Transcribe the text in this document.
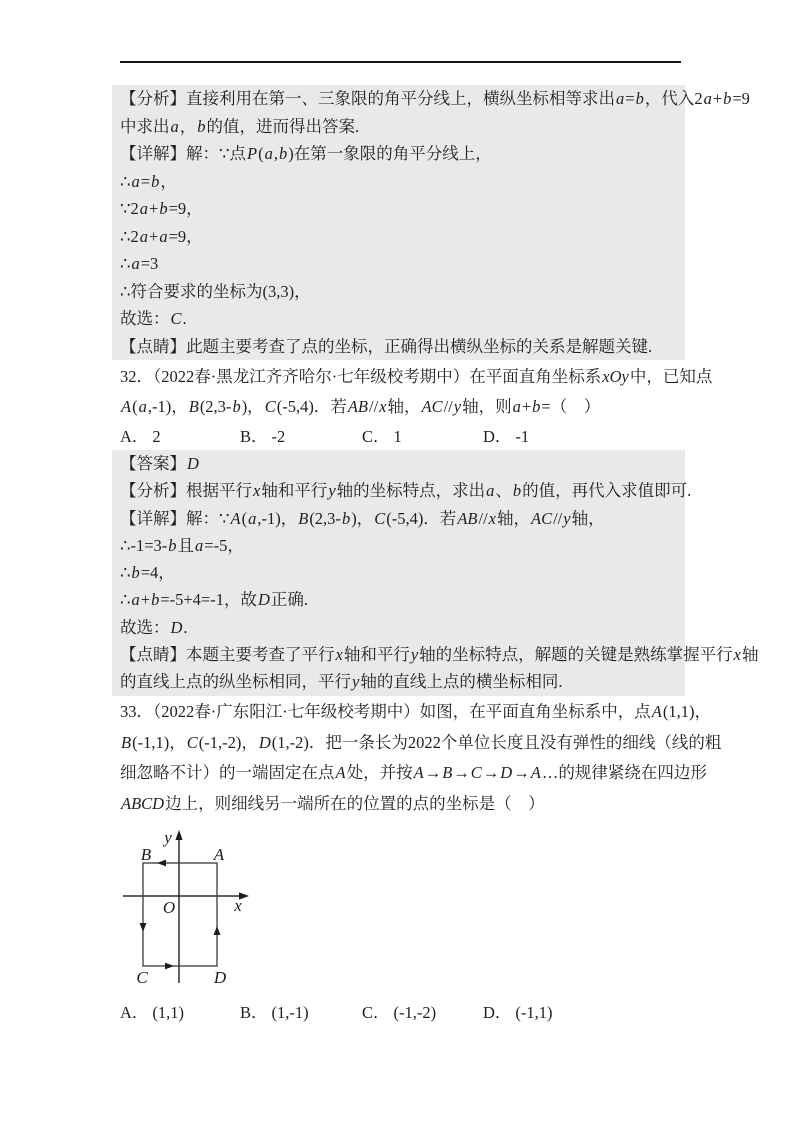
【分析】直接利用在第一、三象限的角平分线上，横纵坐标相等求出a=b，代入2a+b=9
中求出a，b的值，进而得出答案.
【详解】解：∵点P(a,b)在第一象限的角平分线上，
∴a=b，
∵2a+b=9，
∴2a+a=9，
∴a=3
∴符合要求的坐标为(3,3)，
故选：C.
【点睛】此题主要考查了点的坐标，正确得出横纵坐标的关系是解题关键.
32．（2022春·黑龙江齐齐哈尔·七年级校考期中）在平面直角坐标系xOy中，已知点
A(a,-1)，B(2,3-b)，C(-5,4)．若AB//x轴，AC//y轴，则a+b=（　）
A． 2	B． -2	C． 1	D． -1
【答案】D
【分析】根据平行x轴和平行y轴的坐标特点，求出a、b的值，再代入求值即可.
【详解】解：∵A(a,-1)，B(2,3-b)，C(-5,4)．若AB//x轴，AC//y轴，
∴-1=3-b且a=-5，
∴b=4，
∴a+b=-5+4=-1，故D正确.
故选：D.
【点睛】本题主要考查了平行x轴和平行y轴的坐标特点，解题的关键是熟练掌握平行x轴
的直线上点的纵坐标相同，平行y轴的直线上点的横坐标相同.
33．（2022春·广东阳江·七年级校考期中）如图，在平面直角坐标系中，点A(1,1)，
B(-1,1)，C(-1,-2)，D(1,-2)．把一条长为2022个单位长度且没有弹性的细线（线的粗
细忽略不计）的一端固定在点A处，并按A→B→C→D→A…的规律紧绕在四边形
ABCD边上，则细线另一端所在的位置的点的坐标是（　）
y
x
O
B	A
C	D
A． (1,1)	B． (1,-1)	C． (-1,-2)	D． (-1,1)
